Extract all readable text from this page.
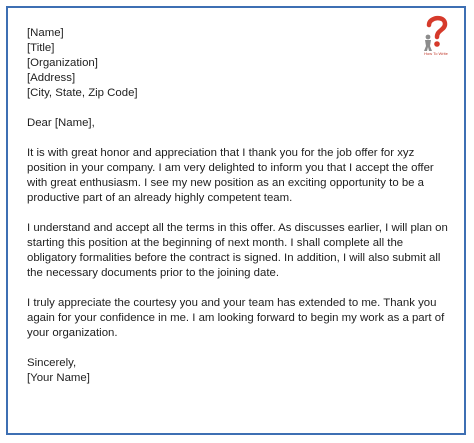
How To Write
[Name]
[Title]
[Organization]
[Address]
[City, State, Zip Code]
Dear [Name],
It is with great honor and appreciation that I thank you for the job offer for xyz
position in your company. I am very delighted to inform you that I accept the offer
with great enthusiasm. I see my new position as an exciting opportunity to be a
productive part of an already highly competent team.
I understand and accept all the terms in this offer. As discusses earlier, I will plan on
starting this position at the beginning of next month. I shall complete all the
obligatory formalities before the contract is signed. In addition, I will also submit all
the necessary documents prior to the joining date.
I truly appreciate the courtesy you and your team has extended to me. Thank you
again for your confidence in me. I am looking forward to begin my work as a part of
your organization.
Sincerely,
[Your Name]
